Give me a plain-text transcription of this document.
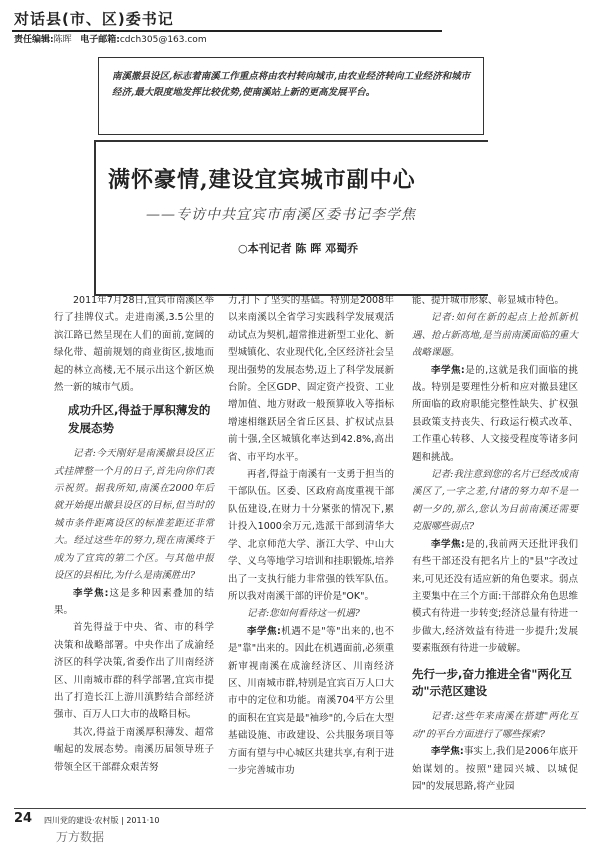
对话县(市、区)委书记
责任编辑:陈晖 电子邮箱:cdch305@163.com
南溪撤县设区,标志着南溪工作重点将由农村转向城市,由农业经济转向工业经济和城市经济,最大限度地发挥比较优势,使南溪站上新的更高发展平台。
满怀豪情,建设宜宾城市副中心
——专访中共宜宾市南溪区委书记李学焦
○本刊记者 陈 晖 邓蜀乔

2011年7月28日,宜宾市南溪区举行了挂牌仪式。走进南溪,3.5公里的滨江路已然呈现在人们的面前,宽阔的绿化带、超前规划的商业街区,拔地而起的林立高楼,无不展示出这个新区焕然一新的城市气质。

成功升区,得益于厚积薄发的发展态势

记者:今天刚好是南溪撤县设区正式挂牌整一个月的日子,首先向你们表示祝贺。据我所知,南溪在2000年后就开始提出撤县设区的目标,但当时的城市条件距离设区的标准差距还非常大。经过这些年的努力,现在南溪终于成为了宜宾的第二个区。与其他申报设区的县相比,为什么是南溪胜出?

李学焦:这是多种因素叠加的结果。

首先得益于中央、省、市的科学决策和战略部署。中央作出了成渝经济区的科学决策,省委作出了川南经济区、川南城市群的科学部署,宜宾市提出了打造长江上游川滇黔结合部经济强市、百万人口大市的战略目标。

其次,得益于南溪厚积薄发、超常崛起的发展态势。南溪历届领导班子带领全区干部群众艰苦努

力,打下了坚实的基础。特别是2008年以来南溪以全省学习实践科学发展观活动试点为契机,超常推进新型工业化、新型城镇化、农业现代化,全区经济社会呈现出强势的发展态势,迈上了科学发展新台阶。全区GDP、固定资产投资、工业增加值、地方财政一般预算收入等指标增速相继跃居全省丘区县、扩权试点县前十强,全区城镇化率达到42.8%,高出省、市平均水平。

再者,得益于南溪有一支勇于担当的干部队伍。区委、区政府高度重视干部队伍建设,在财力十分紧张的情况下,累计投入1000余万元,选派干部到清华大学、北京师范大学、浙江大学、中山大学、义乌等地学习培训和挂职锻炼,培养出了一支执行能力非常强的铁军队伍。所以我对南溪干部的评价是"OK"。

记者:您如何看待这一机遇?

李学焦:机遇不是"等"出来的,也不是"靠"出来的。因此在机遇面前,必须重新审视南溪在成渝经济区、川南经济区、川南城市群,特别是宜宾百万人口大市中的定位和功能。南溪704平方公里的面积在宜宾是最"袖珍"的,今后在大型基础设施、市政建设、公共服务项目等方面有望与中心城区共建共享,有利于进一步完善城市功

能、提升城市形象、彰显城市特色。

记者:如何在新的起点上抢抓新机遇、抢占新高地,是当前南溪面临的重大战略课题。

李学焦:是的,这就是我们面临的挑战。特别是要理性分析和应对撤县建区所面临的政府职能完整性缺失、扩权强县政策支持丧失、行政运行模式改革、工作重心转移、人文接受程度等诸多问题和挑战。

记者:我注意到您的名片已经改成南溪区了,一字之差,付诸的努力却不是一朝一夕的,那么,您认为目前南溪还需要克服哪些弱点?

李学焦:是的,我前两天还批评我们有些干部还没有把名片上的"县"字改过来,可见还没有适应新的角色要求。弱点主要集中在三个方面:干部群众角色思维模式有待进一步转变;经济总量有待进一步做大,经济效益有待进一步提升;发展要素瓶颈有待进一步破解。

先行一步,奋力推进全省"两化互动"示范区建设

记者:这些年来南溪在搭建"两化互动"的平台方面进行了哪些探索?

李学焦:事实上,我们是2006年底开始谋划的。按照"建园兴城、以城促园"的发展思路,将产业园

24 四川党的建设·农村版 | 2011·10
万方数据
